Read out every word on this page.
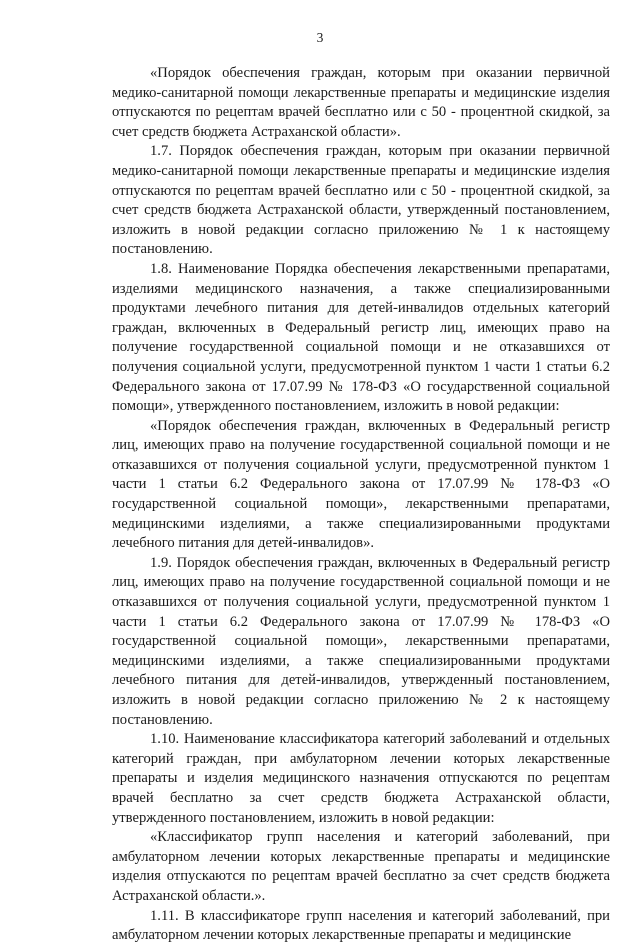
3

«Порядок обеспечения граждан, которым при оказании первичной медико-санитарной помощи лекарственные препараты и медицинские изделия отпускаются по рецептам врачей бесплатно или с 50 - процентной скидкой, за счет средств бюджета Астраханской области».

1.7. Порядок обеспечения граждан, которым при оказании первичной медико-санитарной помощи лекарственные препараты и медицинские изделия отпускаются по рецептам врачей бесплатно или с 50 - процентной скидкой, за счет средств бюджета Астраханской области, утвержденный постановлением, изложить в новой редакции согласно приложению № 1 к настоящему постановлению.

1.8. Наименование Порядка обеспечения лекарственными препаратами, изделиями медицинского назначения, а также специализированными продуктами лечебного питания для детей-инвалидов отдельных категорий граждан, включенных в Федеральный регистр лиц, имеющих право на получение государственной социальной помощи и не отказавшихся от получения социальной услуги, предусмотренной пунктом 1 части 1 статьи 6.2 Федерального закона от 17.07.99 № 178-ФЗ «О государственной социальной помощи», утвержденного постановлением, изложить в новой редакции:

«Порядок обеспечения граждан, включенных в Федеральный регистр лиц, имеющих право на получение государственной социальной помощи и не отказавшихся от получения социальной услуги, предусмотренной пунктом 1 части 1 статьи 6.2 Федерального закона от 17.07.99 № 178-ФЗ «О государственной социальной помощи», лекарственными препаратами, медицинскими изделиями, а также специализированными продуктами лечебного питания для детей-инвалидов».

1.9. Порядок обеспечения граждан, включенных в Федеральный регистр лиц, имеющих право на получение государственной социальной помощи и не отказавшихся от получения социальной услуги, предусмотренной пунктом 1 части 1 статьи 6.2 Федерального закона от 17.07.99 № 178-ФЗ «О государственной социальной помощи», лекарственными препаратами, медицинскими изделиями, а также специализированными продуктами лечебного питания для детей-инвалидов, утвержденный постановлением, изложить в новой редакции согласно приложению № 2 к настоящему постановлению.

1.10. Наименование классификатора категорий заболеваний и отдельных категорий граждан, при амбулаторном лечении которых лекарственные препараты и изделия медицинского назначения отпускаются по рецептам врачей бесплатно за счет средств бюджета Астраханской области, утвержденного постановлением, изложить в новой редакции:

«Классификатор групп населения и категорий заболеваний, при амбулаторном лечении которых лекарственные препараты и медицинские изделия отпускаются по рецептам врачей бесплатно за счет средств бюджета Астраханской области.».

1.11. В классификаторе групп населения и категорий заболеваний, при амбулаторном лечении которых лекарственные препараты и медицинские
